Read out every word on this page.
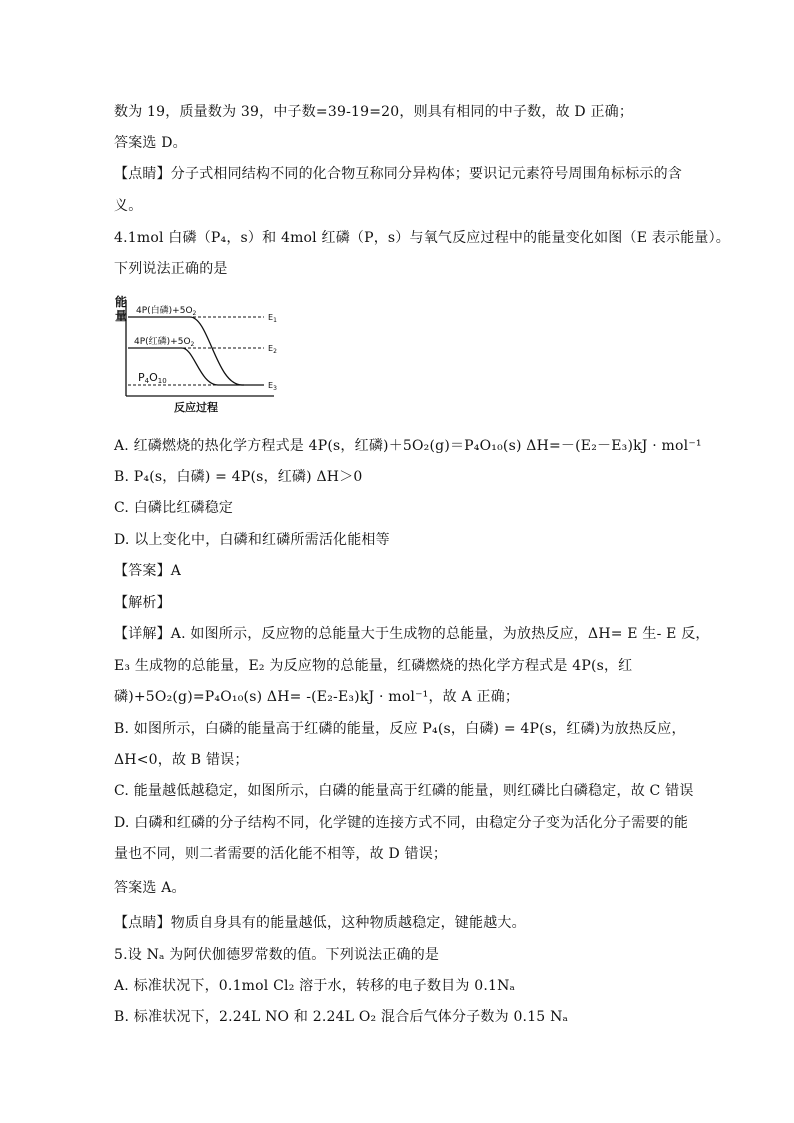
数为 19，质量数为 39，中子数=39-19=20，则具有相同的中子数，故 D 正确；
答案选 D。
【点睛】分子式相同结构不同的化合物互称同分异构体；要识记元素符号周围角标标示的含
义。
4.1mol 白磷（P₄，s）和 4mol 红磷（P，s）与氧气反应过程中的能量变化如图（E 表示能量）。
下列说法正确的是
能
量 4P(白磷)$+5O_2$
4P(红磷)$+5O_2$
P4O10
$E_1$
$E_2$
$E_3$
反应过程
A. 红磷燃烧的热化学方程式是 4P(s，红磷)＋5O₂(g)＝P₄O₁₀(s) ΔH=－(E₂－E₃)kJ · mol⁻¹
B. P₄(s，白磷) = 4P(s，红磷) ΔH＞0
C. 白磷比红磷稳定
D. 以上变化中，白磷和红磷所需活化能相等
【答案】A
【解析】
【详解】A. 如图所示，反应物的总能量大于生成物的总能量，为放热反应，ΔH= E 生- E 反，
E₃ 生成物的总能量，E₂ 为反应物的总能量，红磷燃烧的热化学方程式是 4P(s，红
磷)+5O₂(g)=P₄O₁₀(s) ΔH= -(E₂-E₃)kJ · mol⁻¹，故 A 正确；
B. 如图所示，白磷的能量高于红磷的能量，反应 P₄(s，白磷) = 4P(s，红磷)为放热反应，
ΔH<0，故 B 错误；
C. 能量越低越稳定，如图所示，白磷的能量高于红磷的能量，则红磷比白磷稳定，故 C 错误
D. 白磷和红磷的分子结构不同，化学键的连接方式不同，由稳定分子变为活化分子需要的能
量也不同，则二者需要的活化能不相等，故 D 错误；
答案选 A。
【点睛】物质自身具有的能量越低，这种物质越稳定，键能越大。
5.设 Nₐ 为阿伏伽德罗常数的值。下列说法正确的是
A. 标准状况下，0.1mol Cl₂ 溶于水，转移的电子数目为 0.1Nₐ
B. 标准状况下，2.24L NO 和 2.24L O₂ 混合后气体分子数为 0.15 Nₐ
